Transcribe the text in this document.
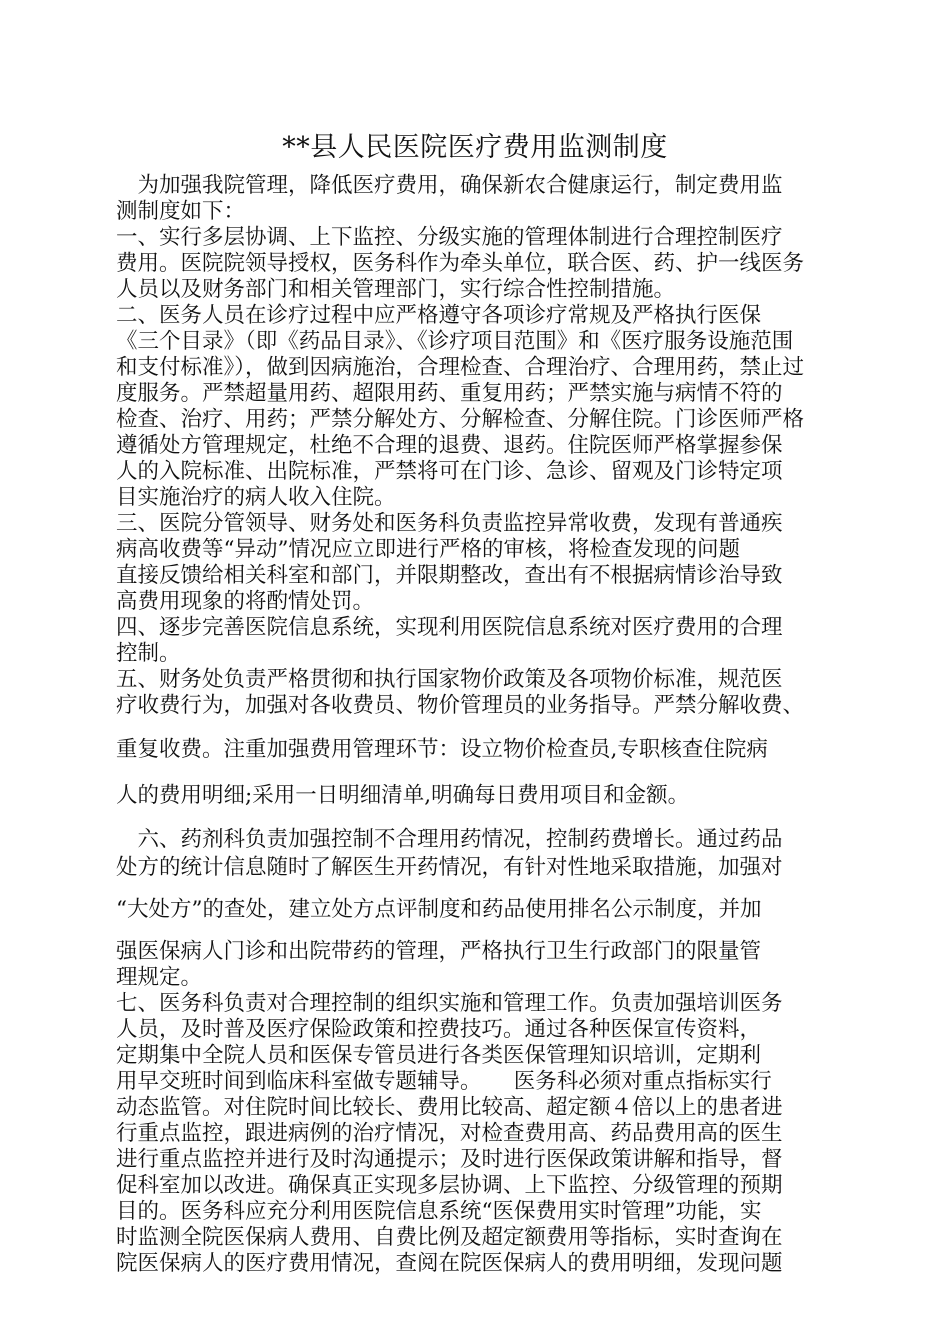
**县人民医院医疗费用监测制度
　为加强我院管理，降低医疗费用，确保新农合健康运行，制定费用监
测制度如下：
一、实行多层协调、上下监控、分级实施的管理体制进行合理控制医疗
费用。医院院领导授权，医务科作为牵头单位，联合医、药、护一线医务
人员以及财务部门和相关管理部门，实行综合性控制措施。
二、医务人员在诊疗过程中应严格遵守各项诊疗常规及严格执行医保
《三个目录》（即《药品目录》、《诊疗项目范围》和《医疗服务设施范围
和支付标准》），做到因病施治，合理检查、合理治疗、合理用药，禁止过
度服务。严禁超量用药、超限用药、重复用药；严禁实施与病情不符的
检查、治疗、用药；严禁分解处方、分解检查、分解住院。门诊医师严格
遵循处方管理规定，杜绝不合理的退费、退药。住院医师严格掌握参保
人的入院标准、出院标准，严禁将可在门诊、急诊、留观及门诊特定项
目实施治疗的病人收入住院。
三、医院分管领导、财务处和医务科负责监控异常收费，发现有普通疾
病高收费等“异动”情况应立即进行严格的审核，将检查发现的问题
直接反馈给相关科室和部门，并限期整改，查出有不根据病情诊治导致
高费用现象的将酌情处罚。
四、逐步完善医院信息系统，实现利用医院信息系统对医疗费用的合理
控制。
五、财务处负责严格贯彻和执行国家物价政策及各项物价标准，规范医
疗收费行为，加强对各收费员、物价管理员的业务指导。严禁分解收费、
重复收费。注重加强费用管理环节：设立物价检查员,专职核查住院病
人的费用明细;采用一日明细清单,明确每日费用项目和金额。
　六、药剂科负责加强控制不合理用药情况，控制药费增长。通过药品
处方的统计信息随时了解医生开药情况，有针对性地采取措施，加强对
“大处方”的查处，建立处方点评制度和药品使用排名公示制度，并加
强医保病人门诊和出院带药的管理，严格执行卫生行政部门的限量管
理规定。
七、医务科负责对合理控制的组织实施和管理工作。负责加强培训医务
人员，及时普及医疗保险政策和控费技巧。通过各种医保宣传资料，
定期集中全院人员和医保专管员进行各类医保管理知识培训，定期利
用早交班时间到临床科室做专题辅导。　　医务科必须对重点指标实行
动态监管。对住院时间比较长、费用比较高、超定额４倍以上的患者进
行重点监控，跟进病例的治疗情况，对检查费用高、药品费用高的医生
进行重点监控并进行及时沟通提示；及时进行医保政策讲解和指导，督
促科室加以改进。确保真正实现多层协调、上下监控、分级管理的预期
目的。医务科应充分利用医院信息系统“医保费用实时管理”功能，实
时监测全院医保病人费用、自费比例及超定额费用等指标，实时查询在
院医保病人的医疗费用情况，查阅在院医保病人的费用明细，发现问题
